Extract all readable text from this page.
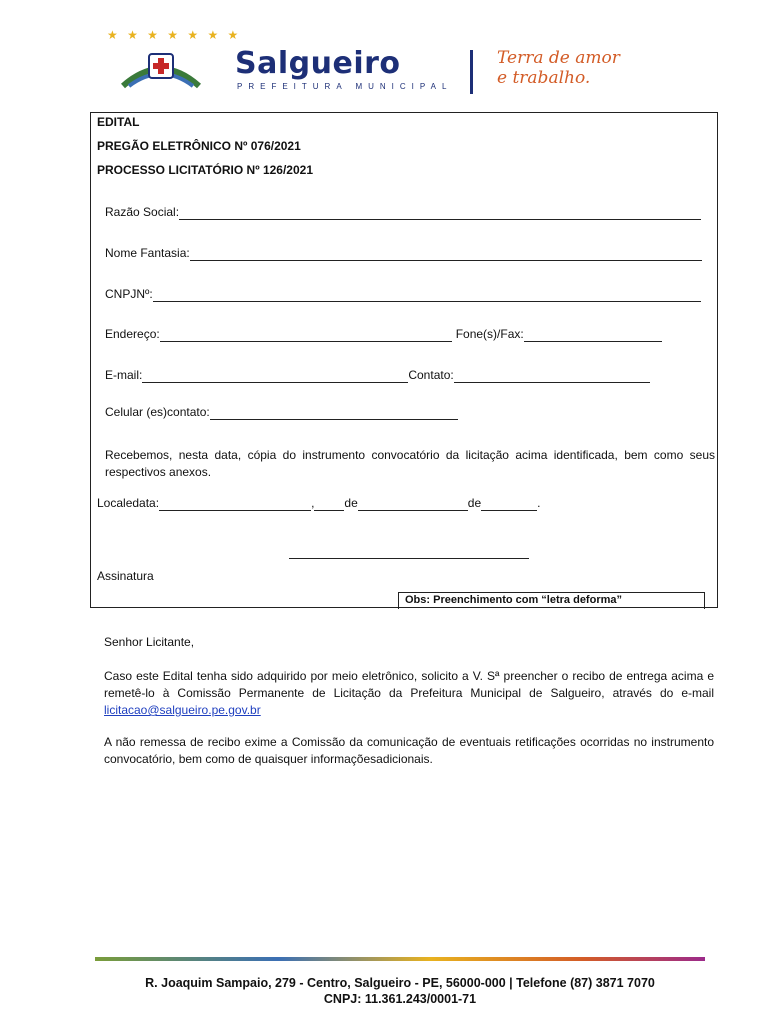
★ ★ ★ ★ ★ ★ ★
Salgueiro
PREFEITURA MUNICIPAL
Terra de amor
e trabalho.
EDITAL
PREGÃO ELETRÔNICO Nº 076/2021
PROCESSO LICITATÓRIO Nº 126/2021
Razão Social:
Nome Fantasia:
CNPJNº:
Endereço:	Fone(s)/Fax:
E-mail:	Contato:
Celular (es)contato:
Recebemos, nesta data, cópia do instrumento convocatório da licitação acima identificada, bem como seus respectivos anexos.
Localedata:	,	de	de	.
Assinatura
Obs: Preenchimento com “letra deforma”
Senhor Licitante,
Caso este Edital tenha sido adquirido por meio eletrônico, solicito a V. Sª preencher o recibo de entrega acima e remetê-lo à Comissão Permanente de Licitação da Prefeitura Municipal de Salgueiro, através do e-mail licitacao@salgueiro.pe.gov.br
A não remessa de recibo exime a Comissão da comunicação de eventuais retificações ocorridas no instrumento convocatório, bem como de quaisquer informaçõesadicionais.
R. Joaquim Sampaio, 279 - Centro, Salgueiro - PE, 56000-000 | Telefone (87) 3871 7070
CNPJ: 11.361.243/0001-71
